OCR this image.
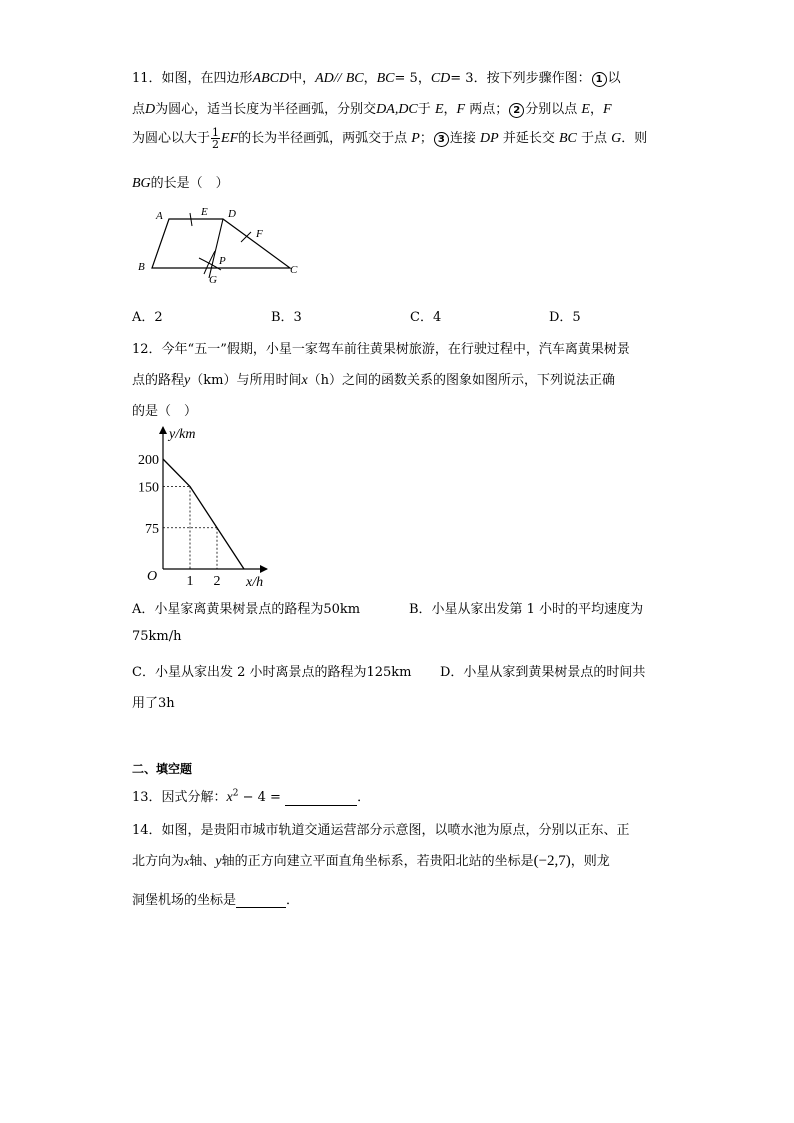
11．如图，在四边形ABCD中，AD// BC，BC= 5，CD= 3．按下列步骤作图： 1 以
点D为圆心，适当长度为半径画弧，分别交DA,DC于 E，F 两点； 2 分别以点 E，F
为圆心以大于 $\frac{1}{2}$ EF的长为半径画弧，两弧交于点 P； 3 连接 DP 并延长交 BC 于点 G．则
BG的长是（　）
A	E D
F
B	P
C
G
A．2	B．3	C．4	D．5
12．今年“五一”假期，小星一家驾车前往黄果树旅游，在行驶过程中，汽车离黄果树景
点的路程y（km）与所用时间x（h）之间的函数关系的图象如图所示，下列说法正确
的是（　）
200
150
75
1 2
y/km
x/h
O
A．小星家离黄果树景点的路程为50km	B．小星从家出发第 1 小时的平均速度为
75km/h
C．小星从家出发 2 小时离景点的路程为125km D．小星从家到黄果树景点的时间共
用了3h
二、填空题
13．因式分解：$x^2 - 4$ =	．
14．如图，是贵阳市城市轨道交通运营部分示意图，以喷水池为原点，分别以正东、正
北方向为x轴、y轴的正方向建立平面直角坐标系，若贵阳北站的坐标是(−2,7)，则龙
洞堡机场的坐标是	．
